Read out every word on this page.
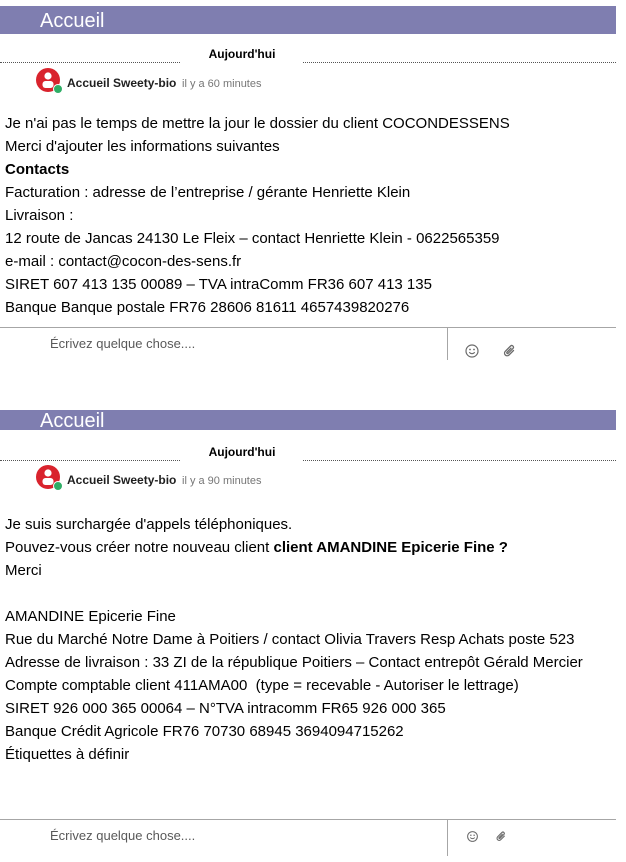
Accueil
Aujourd'hui
Accueil Sweety-bio il y a 60 minutes
Je n'ai pas le temps de mettre la jour le dossier du client COCONDESSENS
Merci d'ajouter les informations suivantes
Contacts
Facturation : adresse de l’entreprise / gérante Henriette Klein
Livraison :
12 route de Jancas 24130 Le Fleix – contact Henriette Klein - 0622565359
e-mail : contact@cocon-des-sens.fr
SIRET 607 413 135 00089 – TVA intraComm FR36 607 413 135
Banque Banque postale FR76 28606 81611 4657439820276
Écrivez quelque chose....
Accueil
Aujourd'hui
Accueil Sweety-bio il y a 90 minutes
Je suis surchargée d'appels téléphoniques.
Pouvez-vous créer notre nouveau client client AMANDINE Epicerie Fine ?
Merci
AMANDINE Epicerie Fine
Rue du Marché Notre Dame à Poitiers / contact Olivia Travers Resp Achats poste 523
Adresse de livraison : 33 ZI de la république Poitiers – Contact entrepôt Gérald Mercier
Compte comptable client 411AMA00  (type = recevable - Autoriser le lettrage)
SIRET 926 000 365 00064 – N°TVA intracomm FR65 926 000 365
Banque Crédit Agricole FR76 70730 68945 3694094715262
Étiquettes à définir
Écrivez quelque chose....
